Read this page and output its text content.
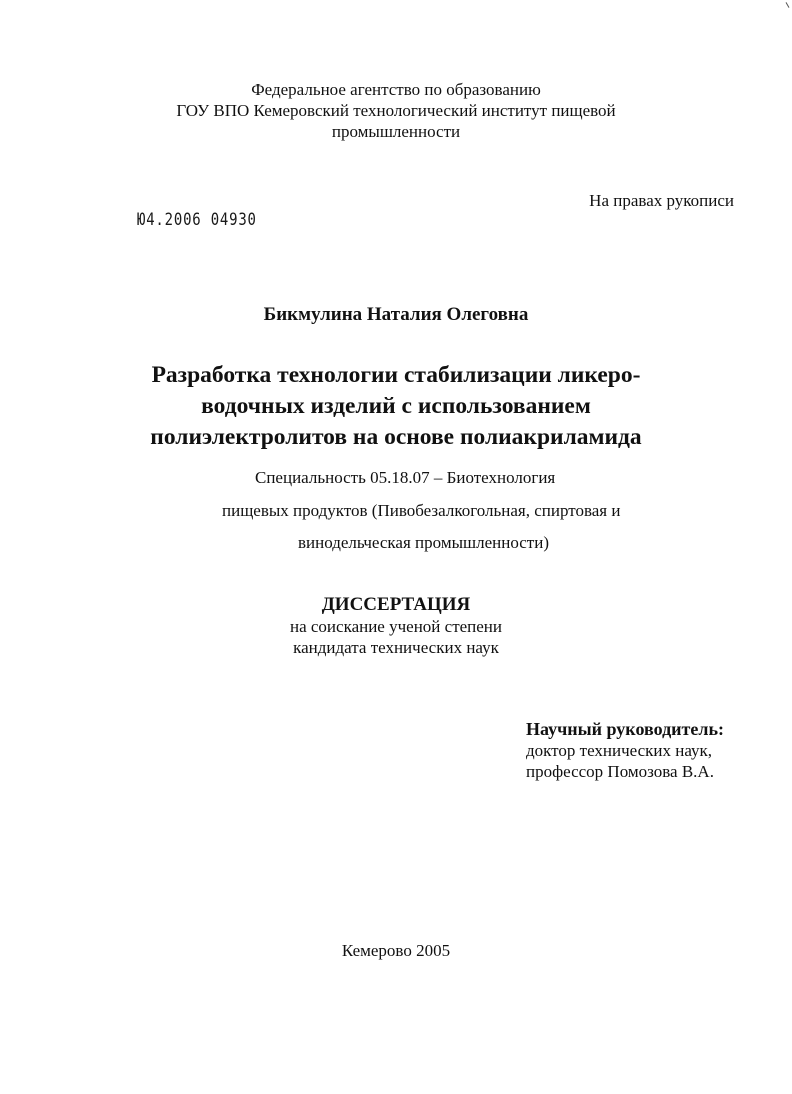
Федеральное агентство по образованию
ГОУ ВПО Кемеровский технологический институт пищевой
промышленности
На правах рукописи
Ю4.2006 04930
Бикмулина Наталия Олеговна
Разработка технологии стабилизации ликеро-
водочных изделий с использованием
полиэлектролитов на основе полиакриламида
Специальность 05.18.07 – Биотехнология
пищевых продуктов (Пивобезалкогольная, спиртовая и
винодельческая промышленности)
ДИССЕРТАЦИЯ
на соискание ученой степени
кандидата технических наук
Научный руководитель:
доктор технических наук,
профессор Помозова В.А.
Кемерово 2005
